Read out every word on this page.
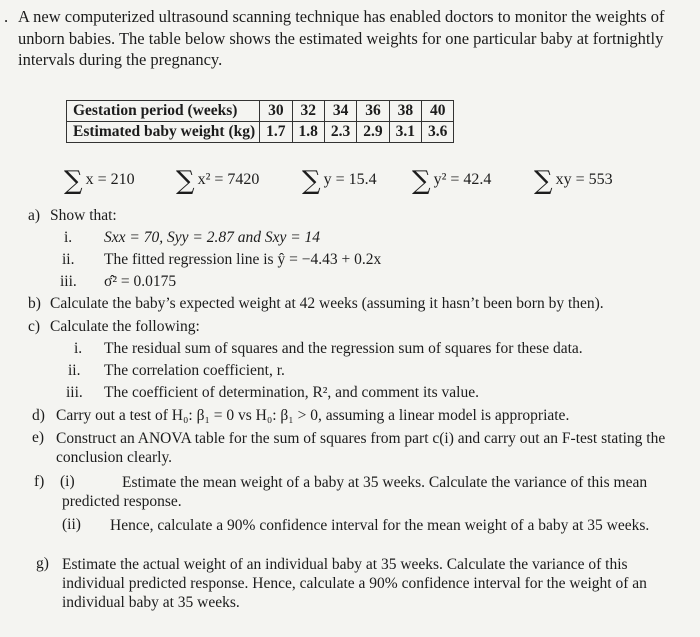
. A new computerized ultrasound scanning technique has enabled doctors to monitor the weights of unborn babies. The table below shows the estimated weights for one particular baby at fortnightly intervals during the pregnancy.
Gestation period (weeks)	30	32	34	36	38	40
Estimated baby weight (kg)	1.7	1.8	2.3	2.9	3.1	3.6
∑ x = 210 ∑ x² = 7420 ∑ y = 15.4 ∑ y² = 42.4 ∑ xy = 553
a) Show that:
i. Sxx = 70, Syy = 2.87 and Sxy = 14
ii. The fitted regression line is ŷ = −4.43 + 0.2x
iii. σ̂² = 0.0175
b) Calculate the baby’s expected weight at 42 weeks (assuming it hasn’t been born by then).
c) Calculate the following:
i. The residual sum of squares and the regression sum of squares for these data.
ii. The correlation coefficient, r.
iii. The coefficient of determination, R², and comment its value.
d) Carry out a test of H₀: β₁ = 0 vs H₀: β₁ > 0, assuming a linear model is appropriate.
e) Construct an ANOVA table for the sum of squares from part c(i) and carry out an F-test stating the conclusion clearly.
f) (i)	Estimate the mean weight of a baby at 35 weeks. Calculate the variance of this mean predicted response.
(ii)	Hence, calculate a 90% confidence interval for the mean weight of a baby at 35 weeks.
g) Estimate the actual weight of an individual baby at 35 weeks. Calculate the variance of this individual predicted response. Hence, calculate a 90% confidence interval for the weight of an individual baby at 35 weeks.
